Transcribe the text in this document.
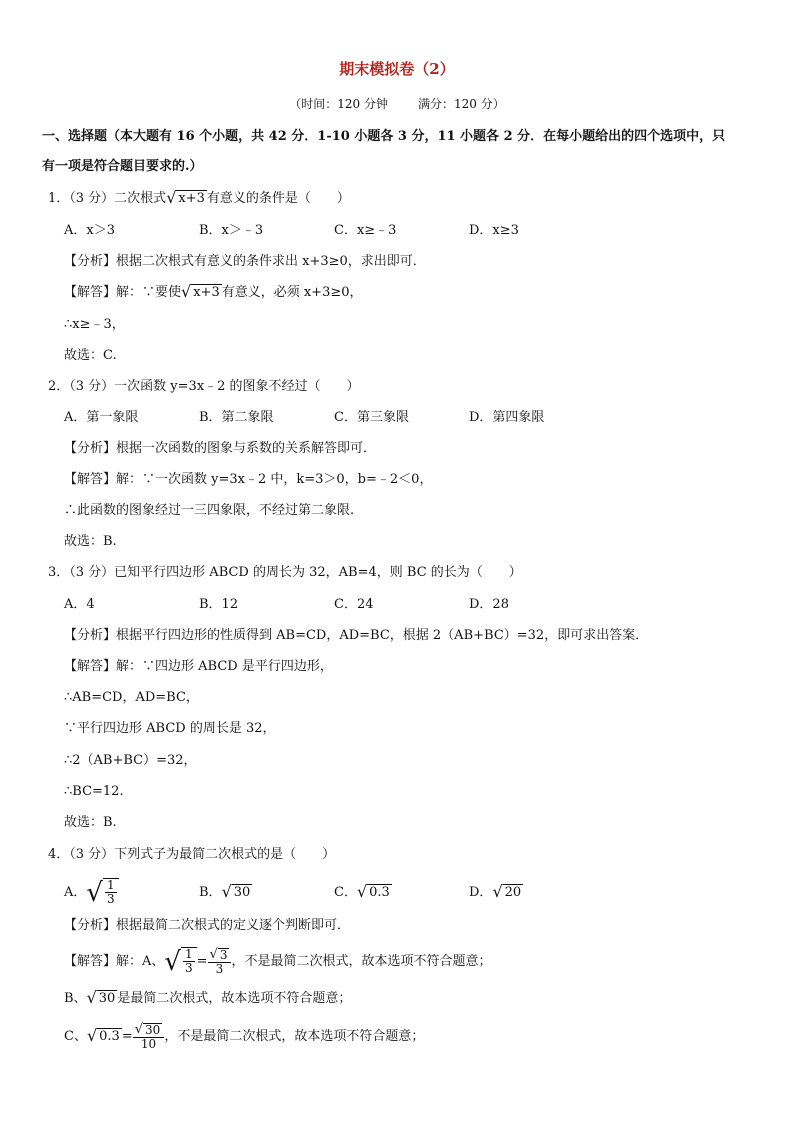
期末模拟卷（2）
（时间：120 分钟	满分：120 分）
一、选择题（本大题有 16 个小题，共 42 分．1-10 小题各 3 分，11 小题各 2 分．在每小题给出的四个选项中，只
有一项是符合题目要求的.）
1．（3 分）二次根式 √ x+3 有意义的条件是（　　）
A．x＞3	B．x＞﹣3	C．x≥﹣3	D．x≥3
【分析】根据二次根式有意义的条件求出 x+3≥0，求出即可．
【解答】解：∵要使 √ x+3 有意义，必须 x+3≥0，
∴x≥﹣3，
故选：C.
2．（3 分）一次函数 y=3x﹣2 的图象不经过（　　）
A．第一象限	B．第二象限	C．第三象限	D．第四象限
【分析】根据一次函数的图象与系数的关系解答即可．
【解答】解：∵一次函数 y=3x﹣2 中，k=3＞0，b=﹣2＜0，
∴此函数的图象经过一三四象限，不经过第二象限.
故选：B.
3．（3 分）已知平行四边形 ABCD 的周长为 32，AB=4，则 BC 的长为（　　）
A．4	B．12	C．24	D．28
【分析】根据平行四边形的性质得到 AB=CD，AD=BC，根据 2（AB+BC）=32，即可求出答案．
【解答】解：∵四边形 ABCD 是平行四边形，
∴AB=CD，AD=BC，
∵平行四边形 ABCD 的周长是 32，
∴2（AB+BC）=32，
∴BC=12.
故选：B.
4．（3 分）下列式子为最简二次根式的是（　　）
A． √ $\frac{1}{3}$	B． √ 30	C． √ 0.3	D． √ 20
【分析】根据最简二次根式的定义逐个判断即可．
【解答】解：A、 √ $\frac{1}{3} = \frac{√ 3}{3}$ ，不是最简二次根式，故本选项不符合题意；
B、 √ 30 是最简二次根式，故本选项不符合题意；
C、 √ $0.3 = \frac{√ 30}{10}$ ，不是最简二次根式，故本选项不符合题意；
